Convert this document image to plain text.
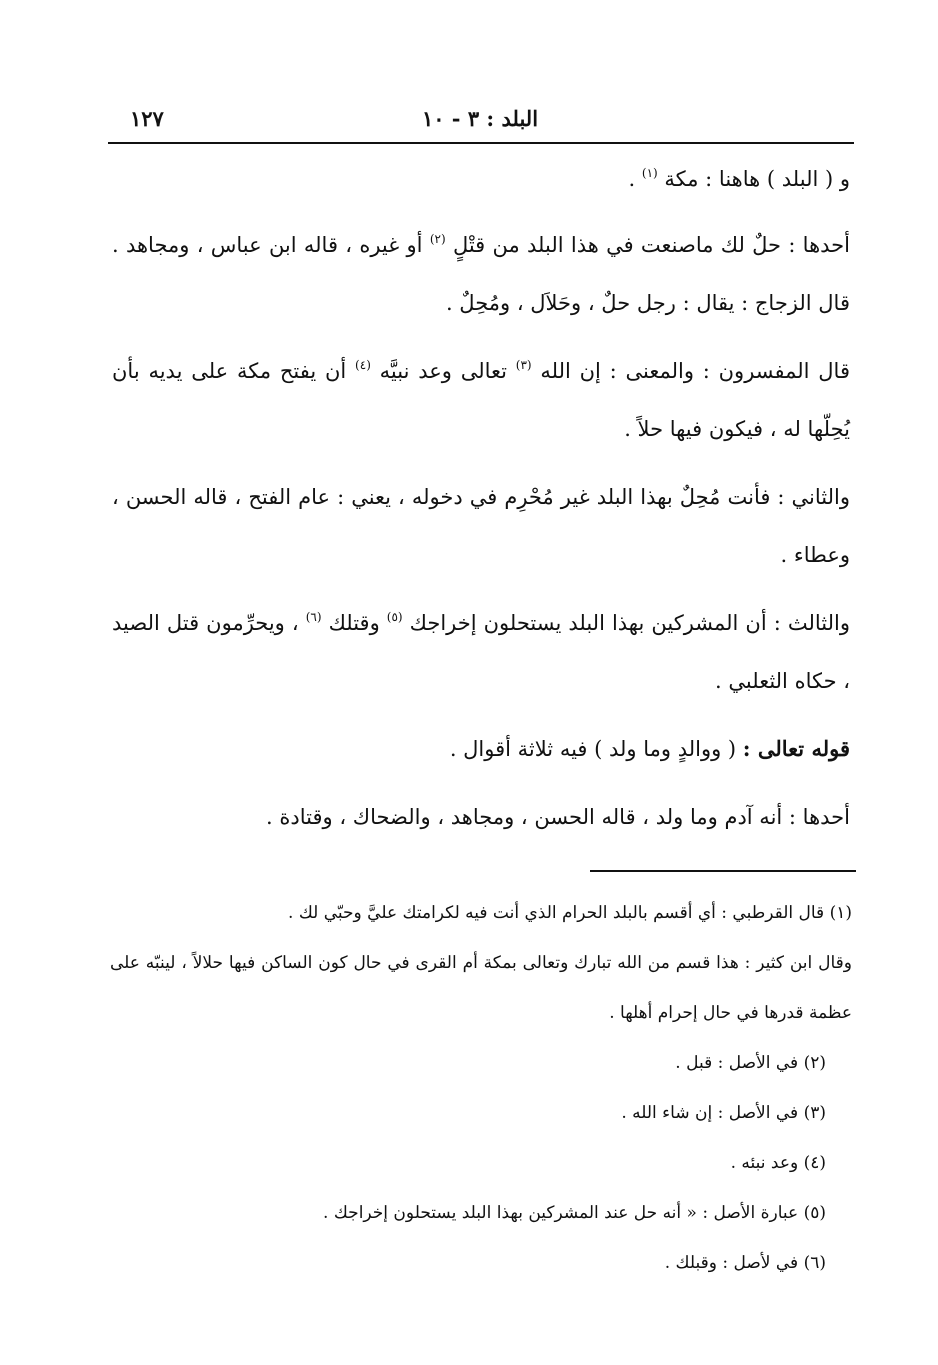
البلد : ٣ - ١٠
١٢٧

و ( البلد ) هاهنا : مكة $^{(١)}$ .

أحدها : حلٌ لك ماصنعت في هذا البلد من قتْلٍ $^{(٢)}$ أو غيره ، قاله ابن عباس ، ومجاهد . قال الزجاج : يقال : رجل حلٌ ، وحَلاَل ، ومُحِلٌ .

قال المفسرون : والمعنى : إن الله $^{(٣)}$ تعالى وعد نبيَّه $^{(٤)}$ أن يفتح مكة على يديه بأن يُحِلّها له ، فيكون فيها حلاً .

والثاني : فأنت مُحِلٌ بهذا البلد غير مُحْرِم في دخوله ، يعني : عام الفتح ، قاله الحسن ، وعطاء .

والثالث : أن المشركين بهذا البلد يستحلون إخراجك $^{(٥)}$ وقتلك $^{(٦)}$ ، ويحرِّمون قتل الصيد ، حكاه الثعلبي .

قوله تعالى : ( ووالدٍ وما ولد ) فيه ثلاثة أقوال .

أحدها : أنه آدم وما ولد ، قاله الحسن ، ومجاهد ، والضحاك ، وقتادة .

(١) قال القرطبي : أي أقسم بالبلد الحرام الذي أنت فيه لكرامتك عليَّ وحبّي لك .

وقال ابن كثير : هذا قسم من الله تبارك وتعالى بمكة أم القرى في حال كون الساكن فيها حلالاً ، لينبّه على عظمة قدرها في حال إحرام أهلها .

(٢) في الأصل : قبل .

(٣) في الأصل : إن شاء الله .

(٤) وعد نبئه .

(٥) عبارة الأصل : « أنه حل عند المشركين بهذا البلد يستحلون إخراجك .

(٦) في لأصل : وقبلك .
